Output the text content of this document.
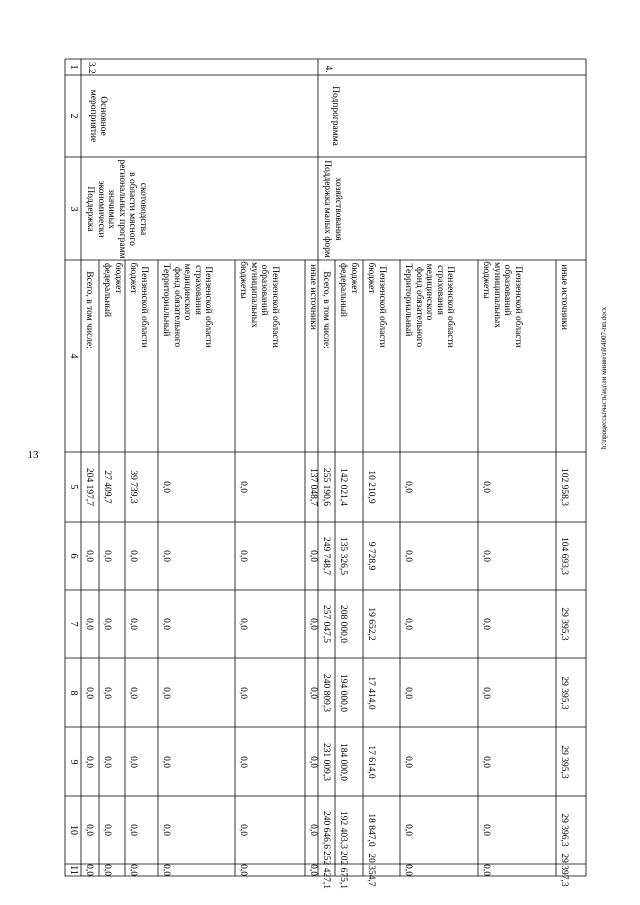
13
h:\процессы\часть\ид\ли минве\гй\4007-пп.docx
1
2
3
4
5
6
7
8
9
10
11
3.2.
Основное
мероприятие
Поддержка экономически значимых региональных программ в области мясного скотоводства
Всего, в том числе:
204 197,7
0,0
0,0
0,0
0,0
0,0
0,0
федеральный бюджет
27 409,7
0,0
0,0
0,0
0,0
0,0
0,0
бюджет Пензенской области
39 739,3
0,0
0,0
0,0
0,0
0,0
0,0
Территориальный фонд обязательного медицинского страхования Пензенской области
0,0
0,0
0,0
0,0
0,0
0,0
0,0
бюджеты муниципальных образований Пензенской области
0,0
0,0
0,0
0,0
0,0
0,0
0,0
иные источники
137 048,7
0,0
0,0
0,0
0,0
0,0
0,0
4.
Подпрограмма
Поддержка малых форм хозяйствования
Всего, в том числе:
255 190,6
249 748,7
257 047,5
240 809,3
231 009,3
240 646,6
252 427,1
федеральный бюджет
142 021,4
135 326,5
208 000,0
194 000,0
184 000,0
192 403,3
202 675,1
бюджет Пензенской области
10 210,9
9 728,9
19 652,2
17 414,0
17 614,0
18 847,0
20 354,7
Территориальный фонд обязательного медицинского страхования Пензенской области
0,0
0,0
0,0
0,0
0,0
0,0
0,0
бюджеты муниципальных образований Пензенской области
0,0
0,0
0,0
0,0
0,0
0,0
0,0
иные источники
102 958,3
104 693,3
29 395,3
29 395,3
29 395,3
29 396,3
29 397,3
